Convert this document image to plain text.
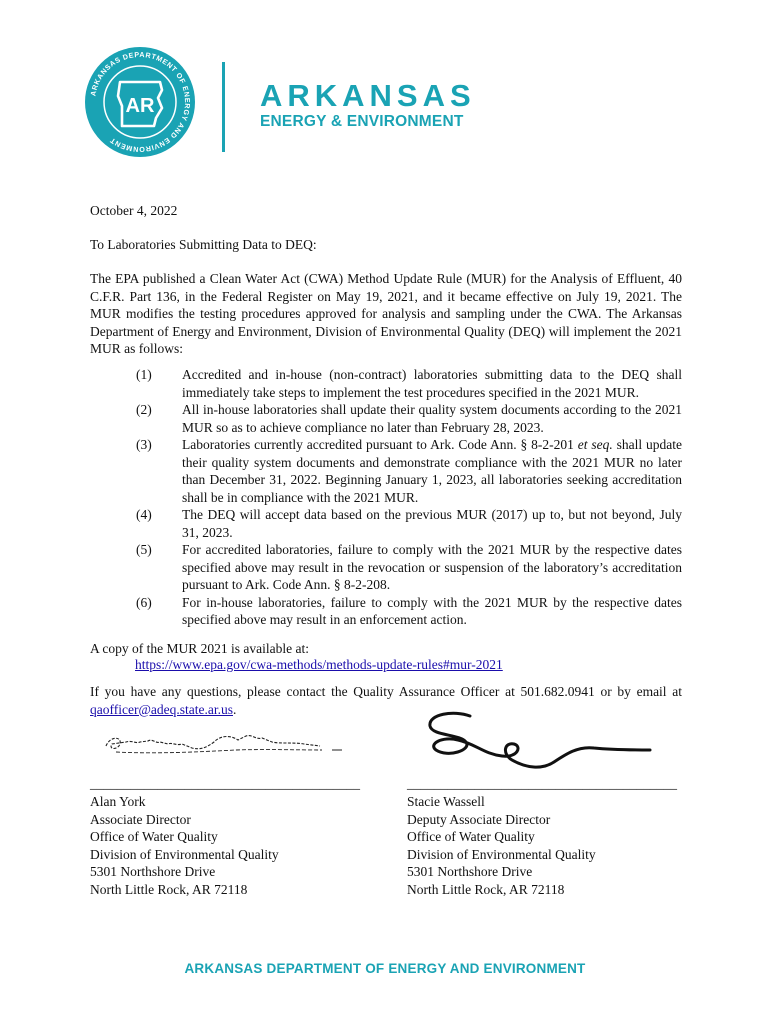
ARKANSAS DEPARTMENT OF ENERGY AND ENVIRONMENT
AR	ARKANSAS
ENERGY & ENVIRONMENT
October 4, 2022
To Laboratories Submitting Data to DEQ:
The EPA published a Clean Water Act (CWA) Method Update Rule (MUR) for the Analysis of Effluent, 40 C.F.R. Part 136, in the Federal Register on May 19, 2021, and it became effective on July 19, 2021. The MUR modifies the testing procedures approved for analysis and sampling under the CWA. The Arkansas Department of Energy and Environment, Division of Environmental Quality (DEQ) will implement the 2021 MUR as follows:
(1)	Accredited and in-house (non-contract) laboratories submitting data to the DEQ shall immediately take steps to implement the test procedures specified in the 2021 MUR.
(2)	All in-house laboratories shall update their quality system documents according to the 2021 MUR so as to achieve compliance no later than February 28, 2023.
(3)	Laboratories currently accredited pursuant to Ark. Code Ann. § 8-2-201 et seq. shall update their quality system documents and demonstrate compliance with the 2021 MUR no later than December 31, 2022. Beginning January 1, 2023, all laboratories seeking accreditation shall be in compliance with the 2021 MUR.
(4)	The DEQ will accept data based on the previous MUR (2017) up to, but not beyond, July 31, 2023.
(5)	For accredited laboratories, failure to comply with the 2021 MUR by the respective dates specified above may result in the revocation or suspension of the laboratory’s accreditation pursuant to Ark. Code Ann. § 8-2-208.
(6)	For in-house laboratories, failure to comply with the 2021 MUR by the respective dates specified above may result in an enforcement action.
A copy of the MUR 2021 is available at:
https://www.epa.gov/cwa-methods/methods-update-rules#mur-2021
If you have any questions, please contact the Quality Assurance Officer at 501.682.0941 or by email at qaofficer@adeq.state.ar.us.
________________________________________	________________________________________
Alan York
Associate Director
Office of Water Quality
Division of Environmental Quality
5301 Northshore Drive
North Little Rock, AR 72118
Stacie Wassell
Deputy Associate Director
Office of Water Quality
Division of Environmental Quality
5301 Northshore Drive
North Little Rock, AR 72118
ARKANSAS DEPARTMENT OF ENERGY AND ENVIRONMENT
